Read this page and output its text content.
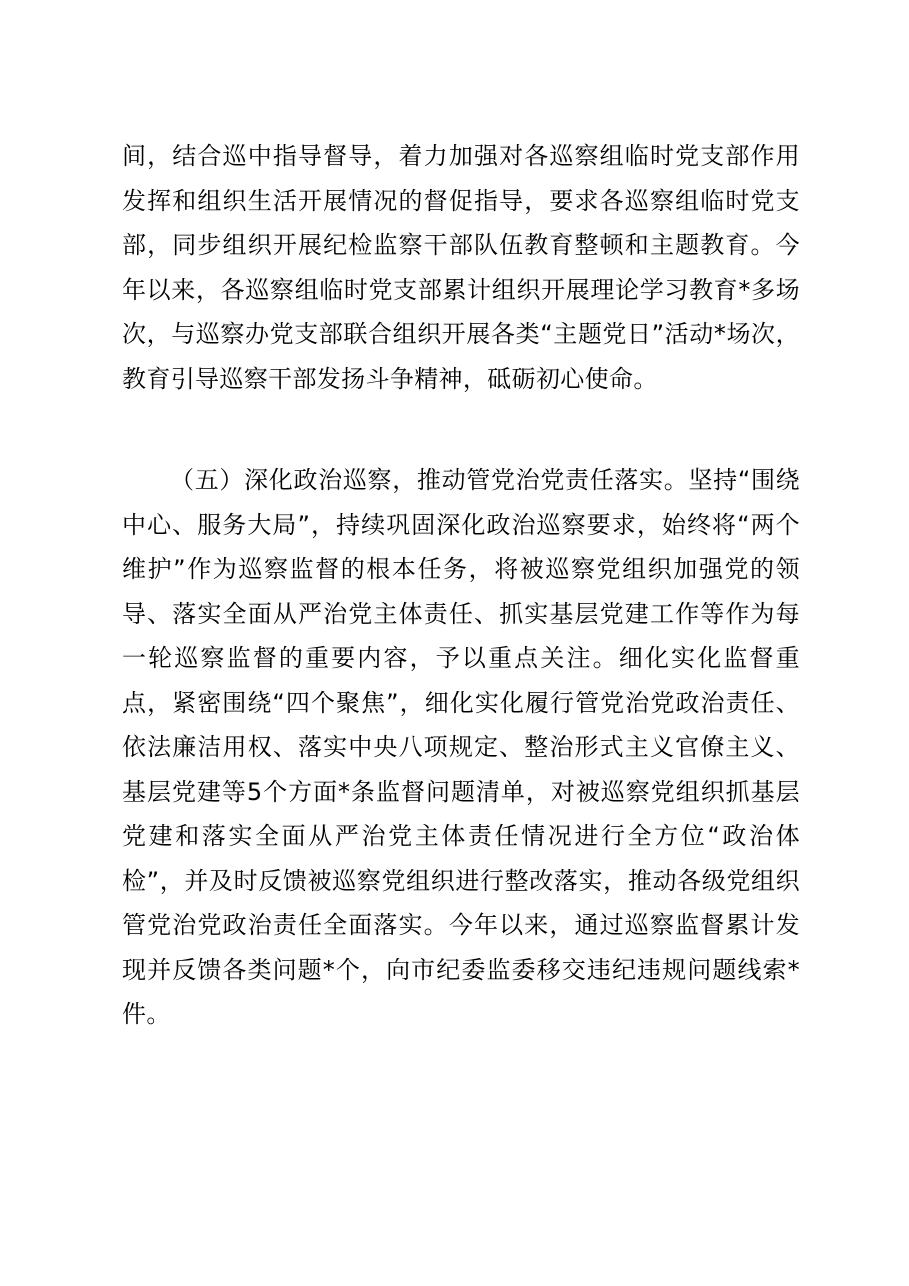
间，结合巡中指导督导，着力加强对各巡察组临时党支部作用发挥和组织生活开展情况的督促指导，要求各巡察组临时党支部，同步组织开展纪检监察干部队伍教育整顿和主题教育。今年以来，各巡察组临时党支部累计组织开展理论学习教育*多场次，与巡察办党支部联合组织开展各类“主题党日”活动*场次，教育引导巡察干部发扬斗争精神，砥砺初心使命。

（五）深化政治巡察，推动管党治党责任落实。坚持“围绕中心、服务大局”，持续巩固深化政治巡察要求，始终将“两个维护”作为巡察监督的根本任务，将被巡察党组织加强党的领导、落实全面从严治党主体责任、抓实基层党建工作等作为每一轮巡察监督的重要内容，予以重点关注。细化实化监督重点，紧密围绕“四个聚焦”，细化实化履行管党治党政治责任、依法廉洁用权、落实中央八项规定、整治形式主义官僚主义、基层党建等5个方面*条监督问题清单，对被巡察党组织抓基层党建和落实全面从严治党主体责任情况进行全方位“政治体检”，并及时反馈被巡察党组织进行整改落实，推动各级党组织管党治党政治责任全面落实。今年以来，通过巡察监督累计发现并反馈各类问题*个，向市纪委监委移交违纪违规问题线索*件。
